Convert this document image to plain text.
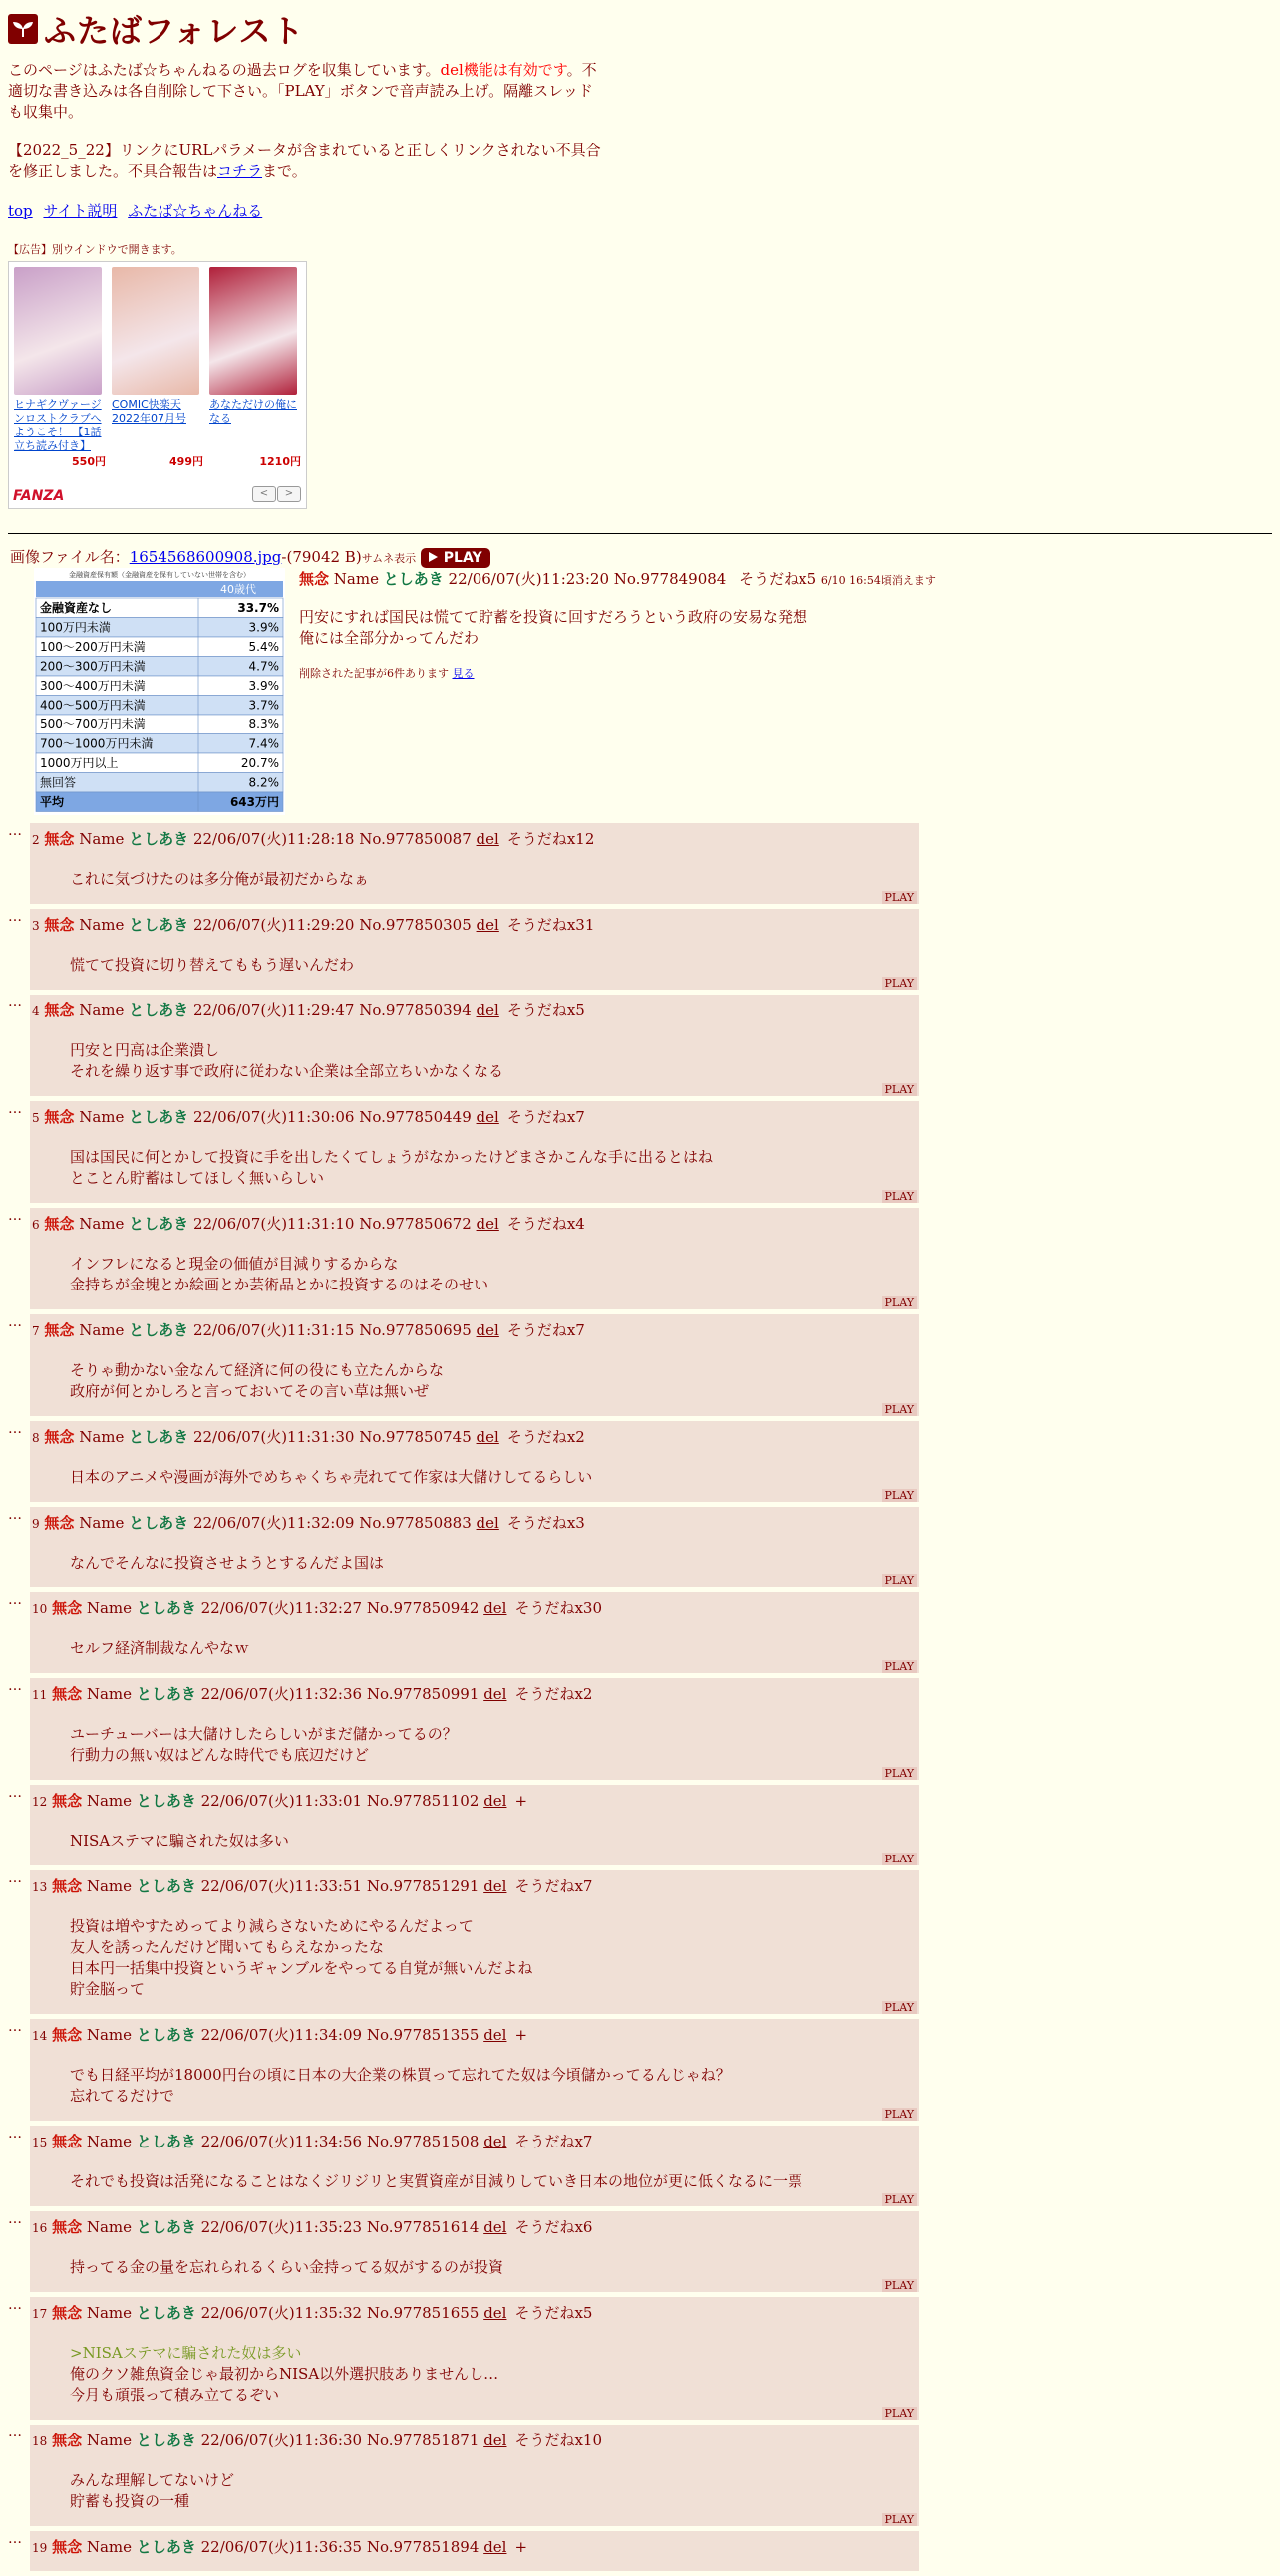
ふたばフォレスト
このページはふたば☆ちゃんねるの過去ログを収集しています。del機能は有効です。不適切な書き込みは各自削除して下さい。「PLAY」ボタンで音声読み上げ。隔離スレッドも収集中。
【2022_5_22】リンクにURLパラメータが含まれていると正しくリンクされない不具合を修正しました。不具合報告はコチラまで。
top サイト説明 ふたば☆ちゃんねる
【広告】別ウインドウで開きます。
ヒナギクヴァージンロストクラブへようこそ！ 【1話立ち読み付き】
550円
COMIC快楽天 2022年07月号
499円
あなただけの俺になる
1210円
FANZA	<	>
画像ファイル名：1654568600908.jpg-(79042 B)サムネ表示 PLAY
金融資産保有額（金融資産を保有していない世帯を含む）
40歳代
金融資産なし	33.7%
100万円未満	3.9%
100〜200万円未満	5.4%
200〜300万円未満	4.7%
300〜400万円未満	3.9%
400〜500万円未満	3.7%
500〜700万円未満	8.3%
700〜1000万円未満	7.4%
1000万円以上	20.7%
無回答	8.2%
平均	643万円
無念 Name としあき 22/06/07(火)11:23:20 No.977849084 そうだねx5 6/10 16:54頃消えます
円安にすれば国民は慌てて貯蓄を投資に回すだろうという政府の安易な発想
俺には全部分かってんだわ
削除された記事が6件あります 見る
…
2 無念 Name としあき 22/06/07(火)11:28:18 No.977850087 del そうだねx12
これに気づけたのは多分俺が最初だからなぁ
PLAY
…
3 無念 Name としあき 22/06/07(火)11:29:20 No.977850305 del そうだねx31
慌てて投資に切り替えてももう遅いんだわ
PLAY
…
4 無念 Name としあき 22/06/07(火)11:29:47 No.977850394 del そうだねx5
円安と円高は企業潰し
それを繰り返す事で政府に従わない企業は全部立ちいかなくなる
PLAY
…
5 無念 Name としあき 22/06/07(火)11:30:06 No.977850449 del そうだねx7
国は国民に何とかして投資に手を出したくてしょうがなかったけどまさかこんな手に出るとはね
とことん貯蓄はしてほしく無いらしい
PLAY
…
6 無念 Name としあき 22/06/07(火)11:31:10 No.977850672 del そうだねx4
インフレになると現金の価値が目減りするからな
金持ちが金塊とか絵画とか芸術品とかに投資するのはそのせい
PLAY
…
7 無念 Name としあき 22/06/07(火)11:31:15 No.977850695 del そうだねx7
そりゃ動かない金なんて経済に何の役にも立たんからな
政府が何とかしろと言っておいてその言い草は無いぜ
PLAY
…
8 無念 Name としあき 22/06/07(火)11:31:30 No.977850745 del そうだねx2
日本のアニメや漫画が海外でめちゃくちゃ売れてて作家は大儲けしてるらしい
PLAY
…
9 無念 Name としあき 22/06/07(火)11:32:09 No.977850883 del そうだねx3
なんでそんなに投資させようとするんだよ国は
PLAY
…
10 無念 Name としあき 22/06/07(火)11:32:27 No.977850942 del そうだねx30
セルフ経済制裁なんやなｗ
PLAY
…
11 無念 Name としあき 22/06/07(火)11:32:36 No.977850991 del そうだねx2
ユーチューバーは大儲けしたらしいがまだ儲かってるの？
行動力の無い奴はどんな時代でも底辺だけど
PLAY
…
12 無念 Name としあき 22/06/07(火)11:33:01 No.977851102 del +
NISAステマに騙された奴は多い
PLAY
…
13 無念 Name としあき 22/06/07(火)11:33:51 No.977851291 del そうだねx7
投資は増やすためってより減らさないためにやるんだよって
友人を誘ったんだけど聞いてもらえなかったな
日本円一括集中投資というギャンブルをやってる自覚が無いんだよね
貯金脳って
PLAY
…
14 無念 Name としあき 22/06/07(火)11:34:09 No.977851355 del +
でも日経平均が18000円台の頃に日本の大企業の株買って忘れてた奴は今頃儲かってるんじゃね？
忘れてるだけで
PLAY
…
15 無念 Name としあき 22/06/07(火)11:34:56 No.977851508 del そうだねx7
それでも投資は活発になることはなくジリジリと実質資産が目減りしていき日本の地位が更に低くなるに一票
PLAY
…
16 無念 Name としあき 22/06/07(火)11:35:23 No.977851614 del そうだねx6
持ってる金の量を忘れられるくらい金持ってる奴がするのが投資
PLAY
…
17 無念 Name としあき 22/06/07(火)11:35:32 No.977851655 del そうだねx5
>NISAステマに騙された奴は多い
俺のクソ雑魚資金じゃ最初からNISA以外選択肢ありませんし…
今月も頑張って積み立てるぞい
PLAY
…
18 無念 Name としあき 22/06/07(火)11:36:30 No.977851871 del そうだねx10
みんな理解してないけど
貯蓄も投資の一種
PLAY
…
19 無念 Name としあき 22/06/07(火)11:36:35 No.977851894 del +
